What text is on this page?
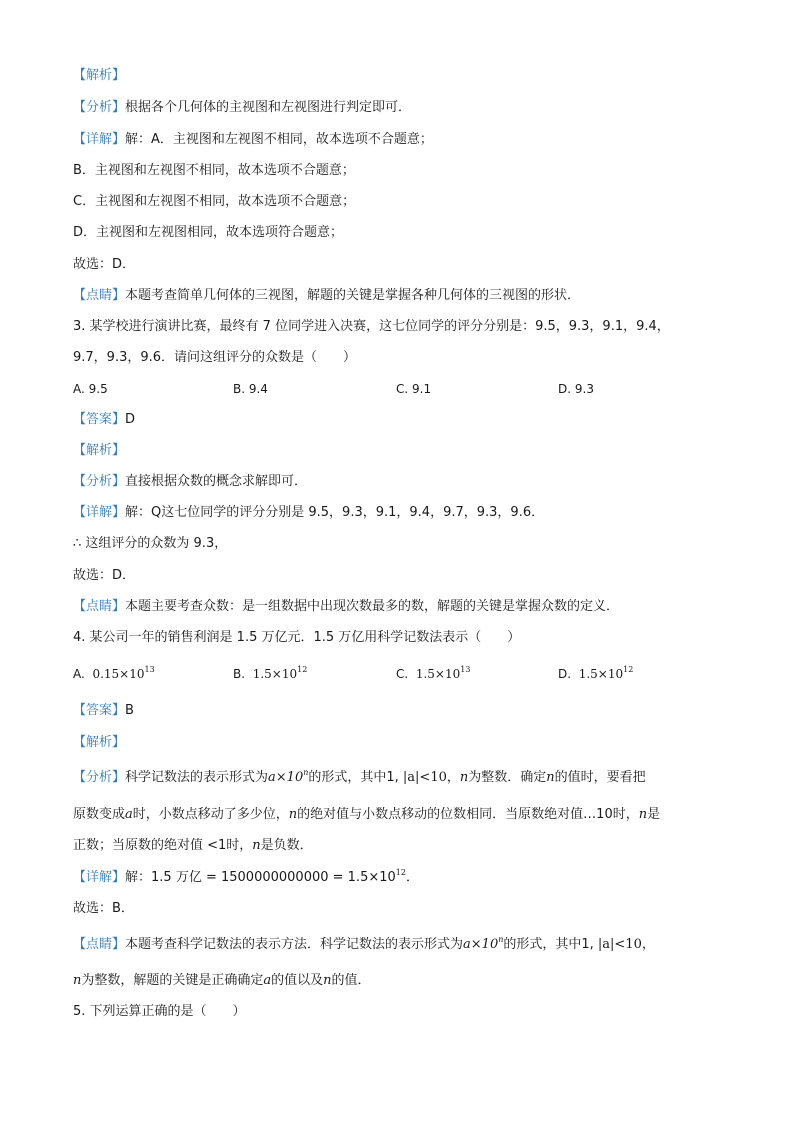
【解析】
【分析】根据各个几何体的主视图和左视图进行判定即可．
【详解】解：A．主视图和左视图不相同，故本选项不合题意；
B．主视图和左视图不相同，故本选项不合题意；
C．主视图和左视图不相同，故本选项不合题意；
D．主视图和左视图相同，故本选项符合题意；
故选：D．
【点睛】本题考查简单几何体的三视图，解题的关键是掌握各种几何体的三视图的形状．
3. 某学校进行演讲比赛，最终有 7 位同学进入决赛，这七位同学的评分分别是：9.5，9.3，9.1，9.4，
9.7，9.3，9.6．请问这组评分的众数是（　　）
A. 9.5	B. 9.4	C. 9.1	D. 9.3
【答案】D
【解析】
【分析】直接根据众数的概念求解即可．
【详解】解：Q这七位同学的评分分别是 9.5，9.3，9.1，9.4，9.7，9.3，9.6．
∴ 这组评分的众数为 9.3，
故选：D．
【点睛】本题主要考查众数：是一组数据中出现次数最多的数，解题的关键是掌握众数的定义．
4. 某公司一年的销售利润是 1.5 万亿元．1.5 万亿用科学记数法表示（　　）
A. $0.15\times 10^{13}$	B. $1.5\times 10^{12}$	C. $1.5\times 10^{13}$	D. $1.5\times 10^{12}$
【答案】B
【解析】
【分析】科学记数法的表示形式为$a\times 10^n$的形式，其中1, |a|<10，n为整数．确定n的值时，要看把
原数变成a时，小数点移动了多少位，n的绝对值与小数点移动的位数相同．当原数绝对值…10时，n是
正数；当原数的绝对值 <1时，n是负数．
【详解】解：1.5 万亿 = $1500000000000 = 1.5\times 10^{12}$．
故选：B．
【点睛】本题考查科学记数法的表示方法．科学记数法的表示形式为$a\times 10^n$的形式，其中1, |a|<10，
n为整数，解题的关键是正确确定a的值以及n的值．
5. 下列运算正确的是（　　）
